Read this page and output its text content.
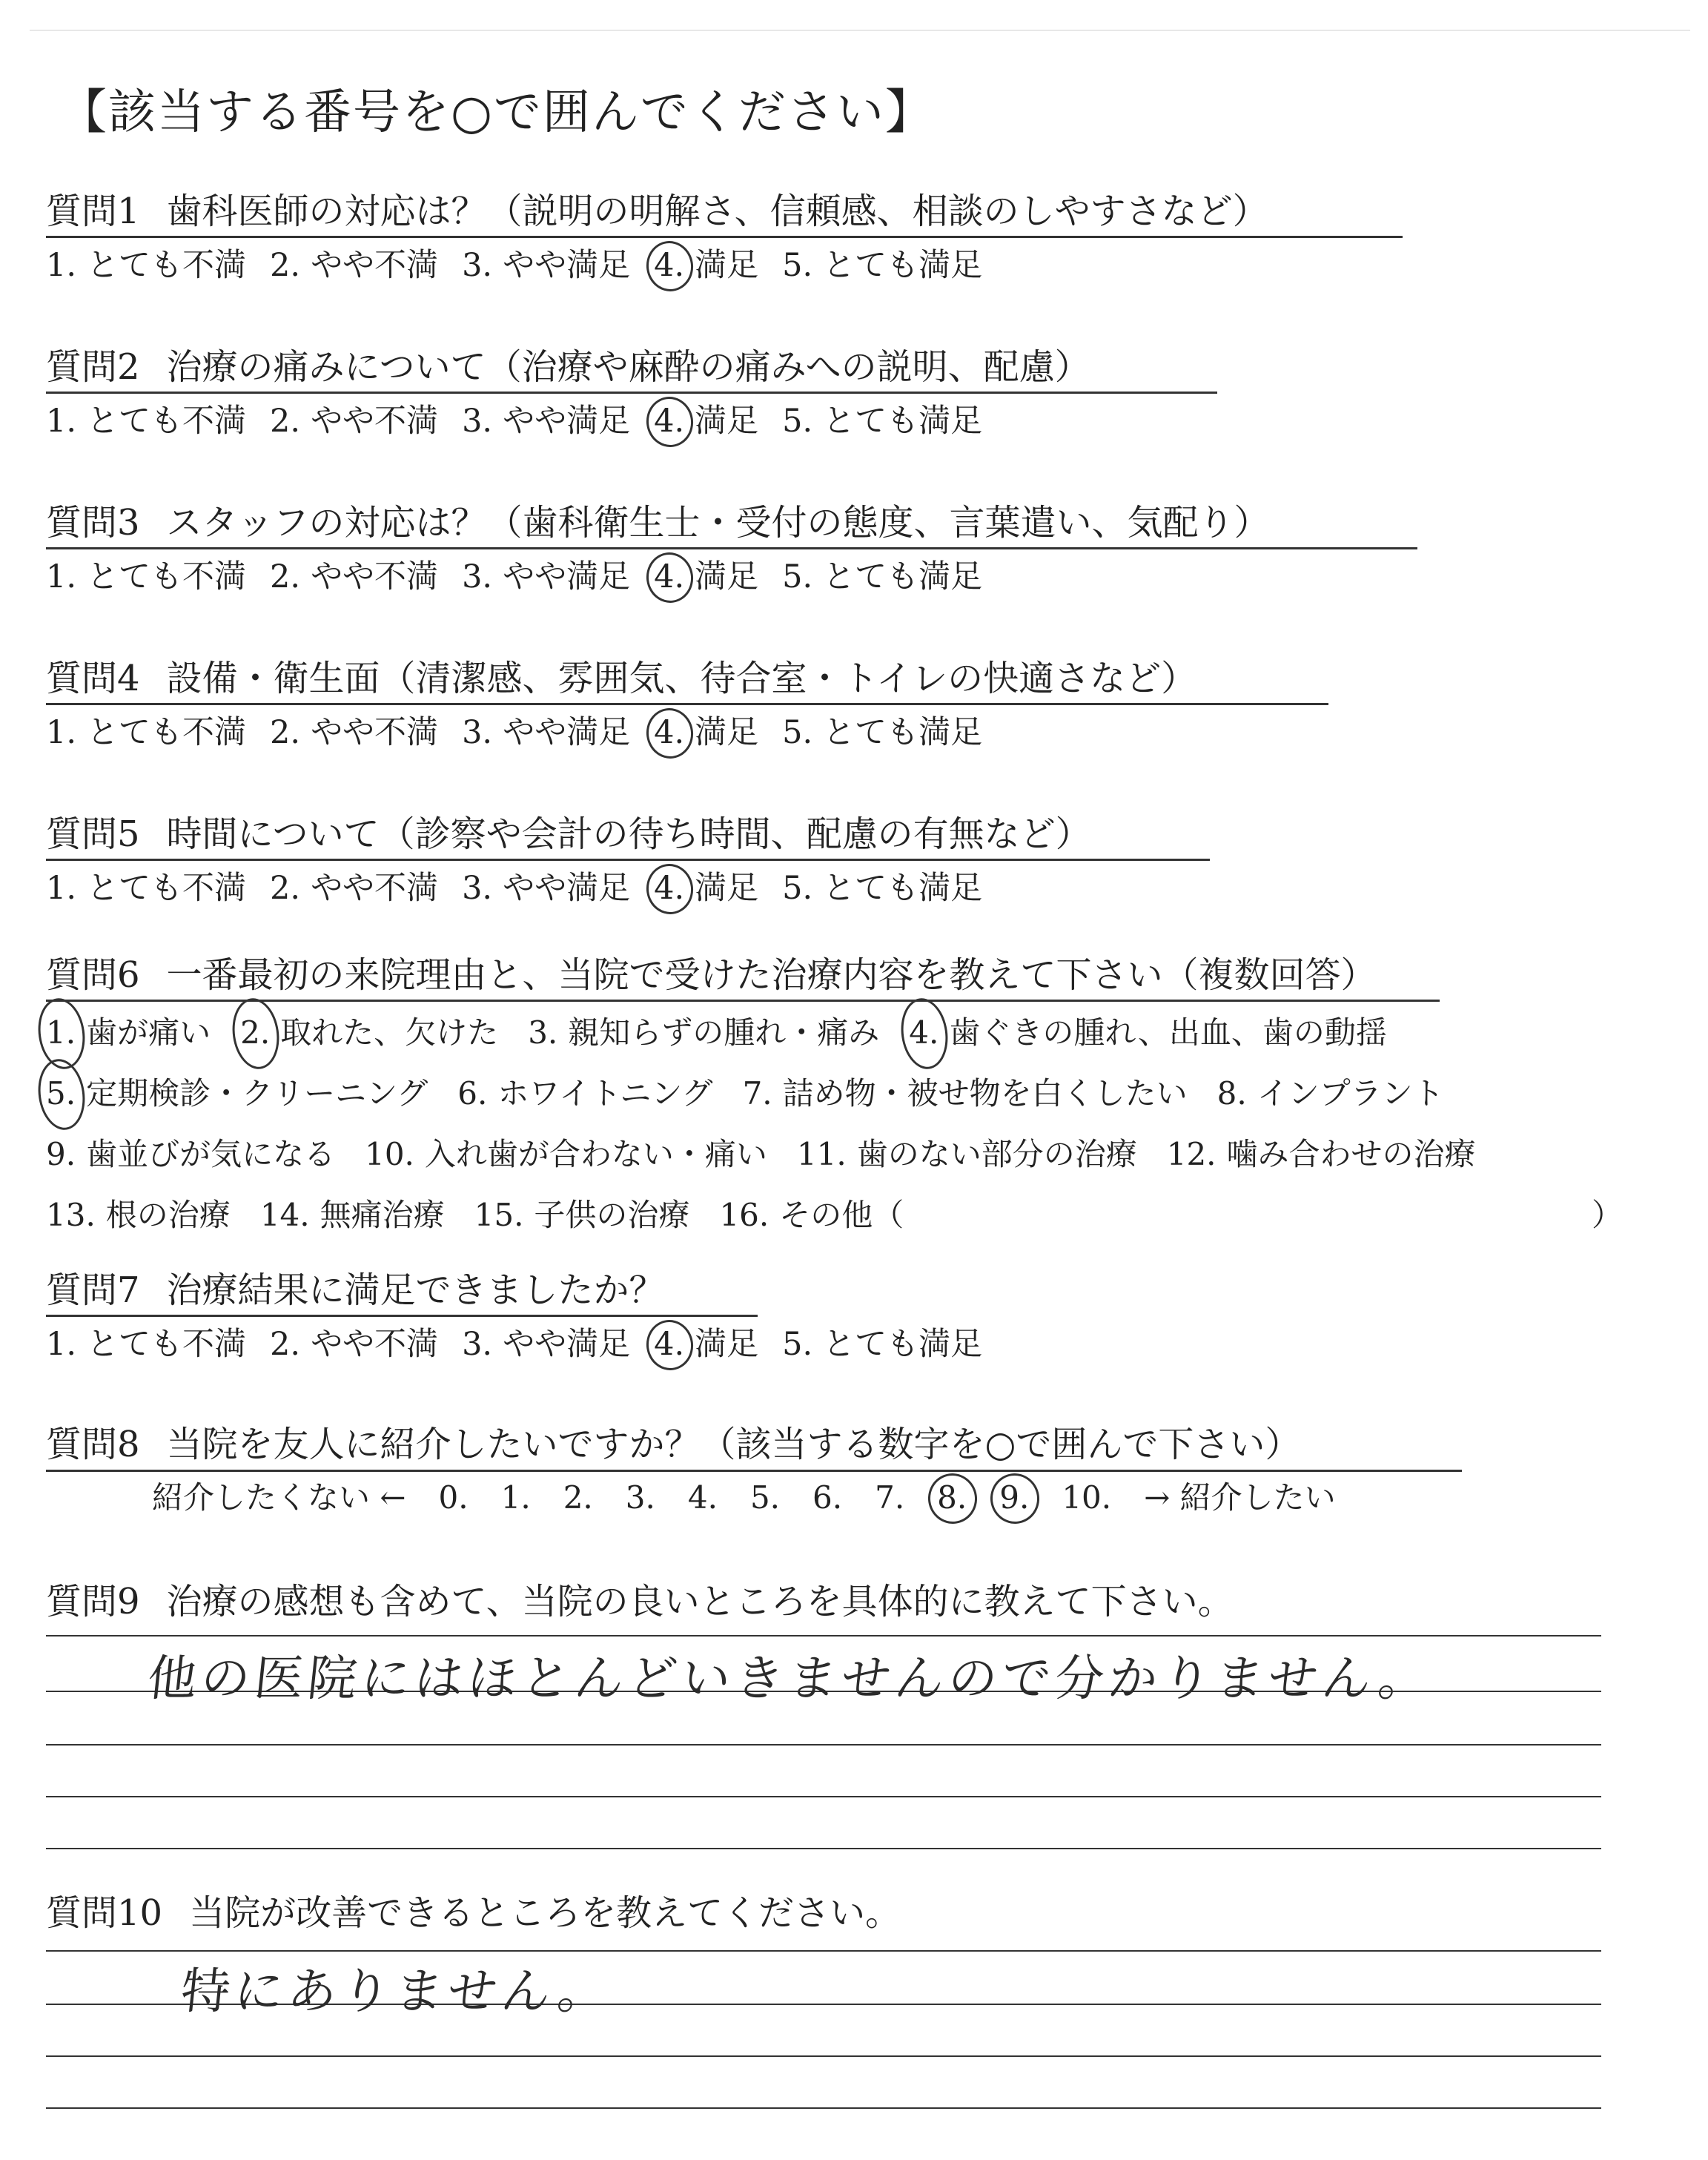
【該当する番号を○で囲んでください】
質問1 歯科医師の対応は？（説明の明解さ、信頼感、相談のしやすさなど）
1. とても不満 2. やや不満 3. やや満足 4. 満足 5. とても満足
質問2 治療の痛みについて（治療や麻酔の痛みへの説明、配慮）
1. とても不満 2. やや不満 3. やや満足 4. 満足 5. とても満足
質問3 スタッフの対応は？（歯科衛生士・受付の態度、言葉遣い、気配り）
1. とても不満 2. やや不満 3. やや満足 4. 満足 5. とても満足
質問4 設備・衛生面（清潔感、雰囲気、待合室・トイレの快適さなど）
1. とても不満 2. やや不満 3. やや満足 4. 満足 5. とても満足
質問5 時間について（診察や会計の待ち時間、配慮の有無など）
1. とても不満 2. やや不満 3. やや満足 4. 満足 5. とても満足
質問6 一番最初の来院理由と、当院で受けた治療内容を教えて下さい（複数回答）
1. 歯が痛い 2. 取れた、欠けた 3. 親知らずの腫れ・痛み 4. 歯ぐきの腫れ、出血、歯の動揺
5. 定期検診・クリーニング 6. ホワイトニング 7. 詰め物・被せ物を白くしたい 8. インプラント
9. 歯並びが気になる 10. 入れ歯が合わない・痛い 11. 歯のない部分の治療 12. 噛み合わせの治療
13. 根の治療 14. 無痛治療 15. 子供の治療 16. その他（	）
質問7 治療結果に満足できましたか？
1. とても不満 2. やや不満 3. やや満足 4. 満足 5. とても満足
質問8 当院を友人に紹介したいですか？（該当する数字を○で囲んで下さい）
紹介したくない ← 0. 1. 2. 3. 4. 5. 6. 7. 8. 9. 10. → 紹介したい
質問9 治療の感想も含めて、当院の良いところを具体的に教えて下さい。
他の医院にはほとんどいきませんので分かりません。
質問10 当院が改善できるところを教えてください。
特にありません。
